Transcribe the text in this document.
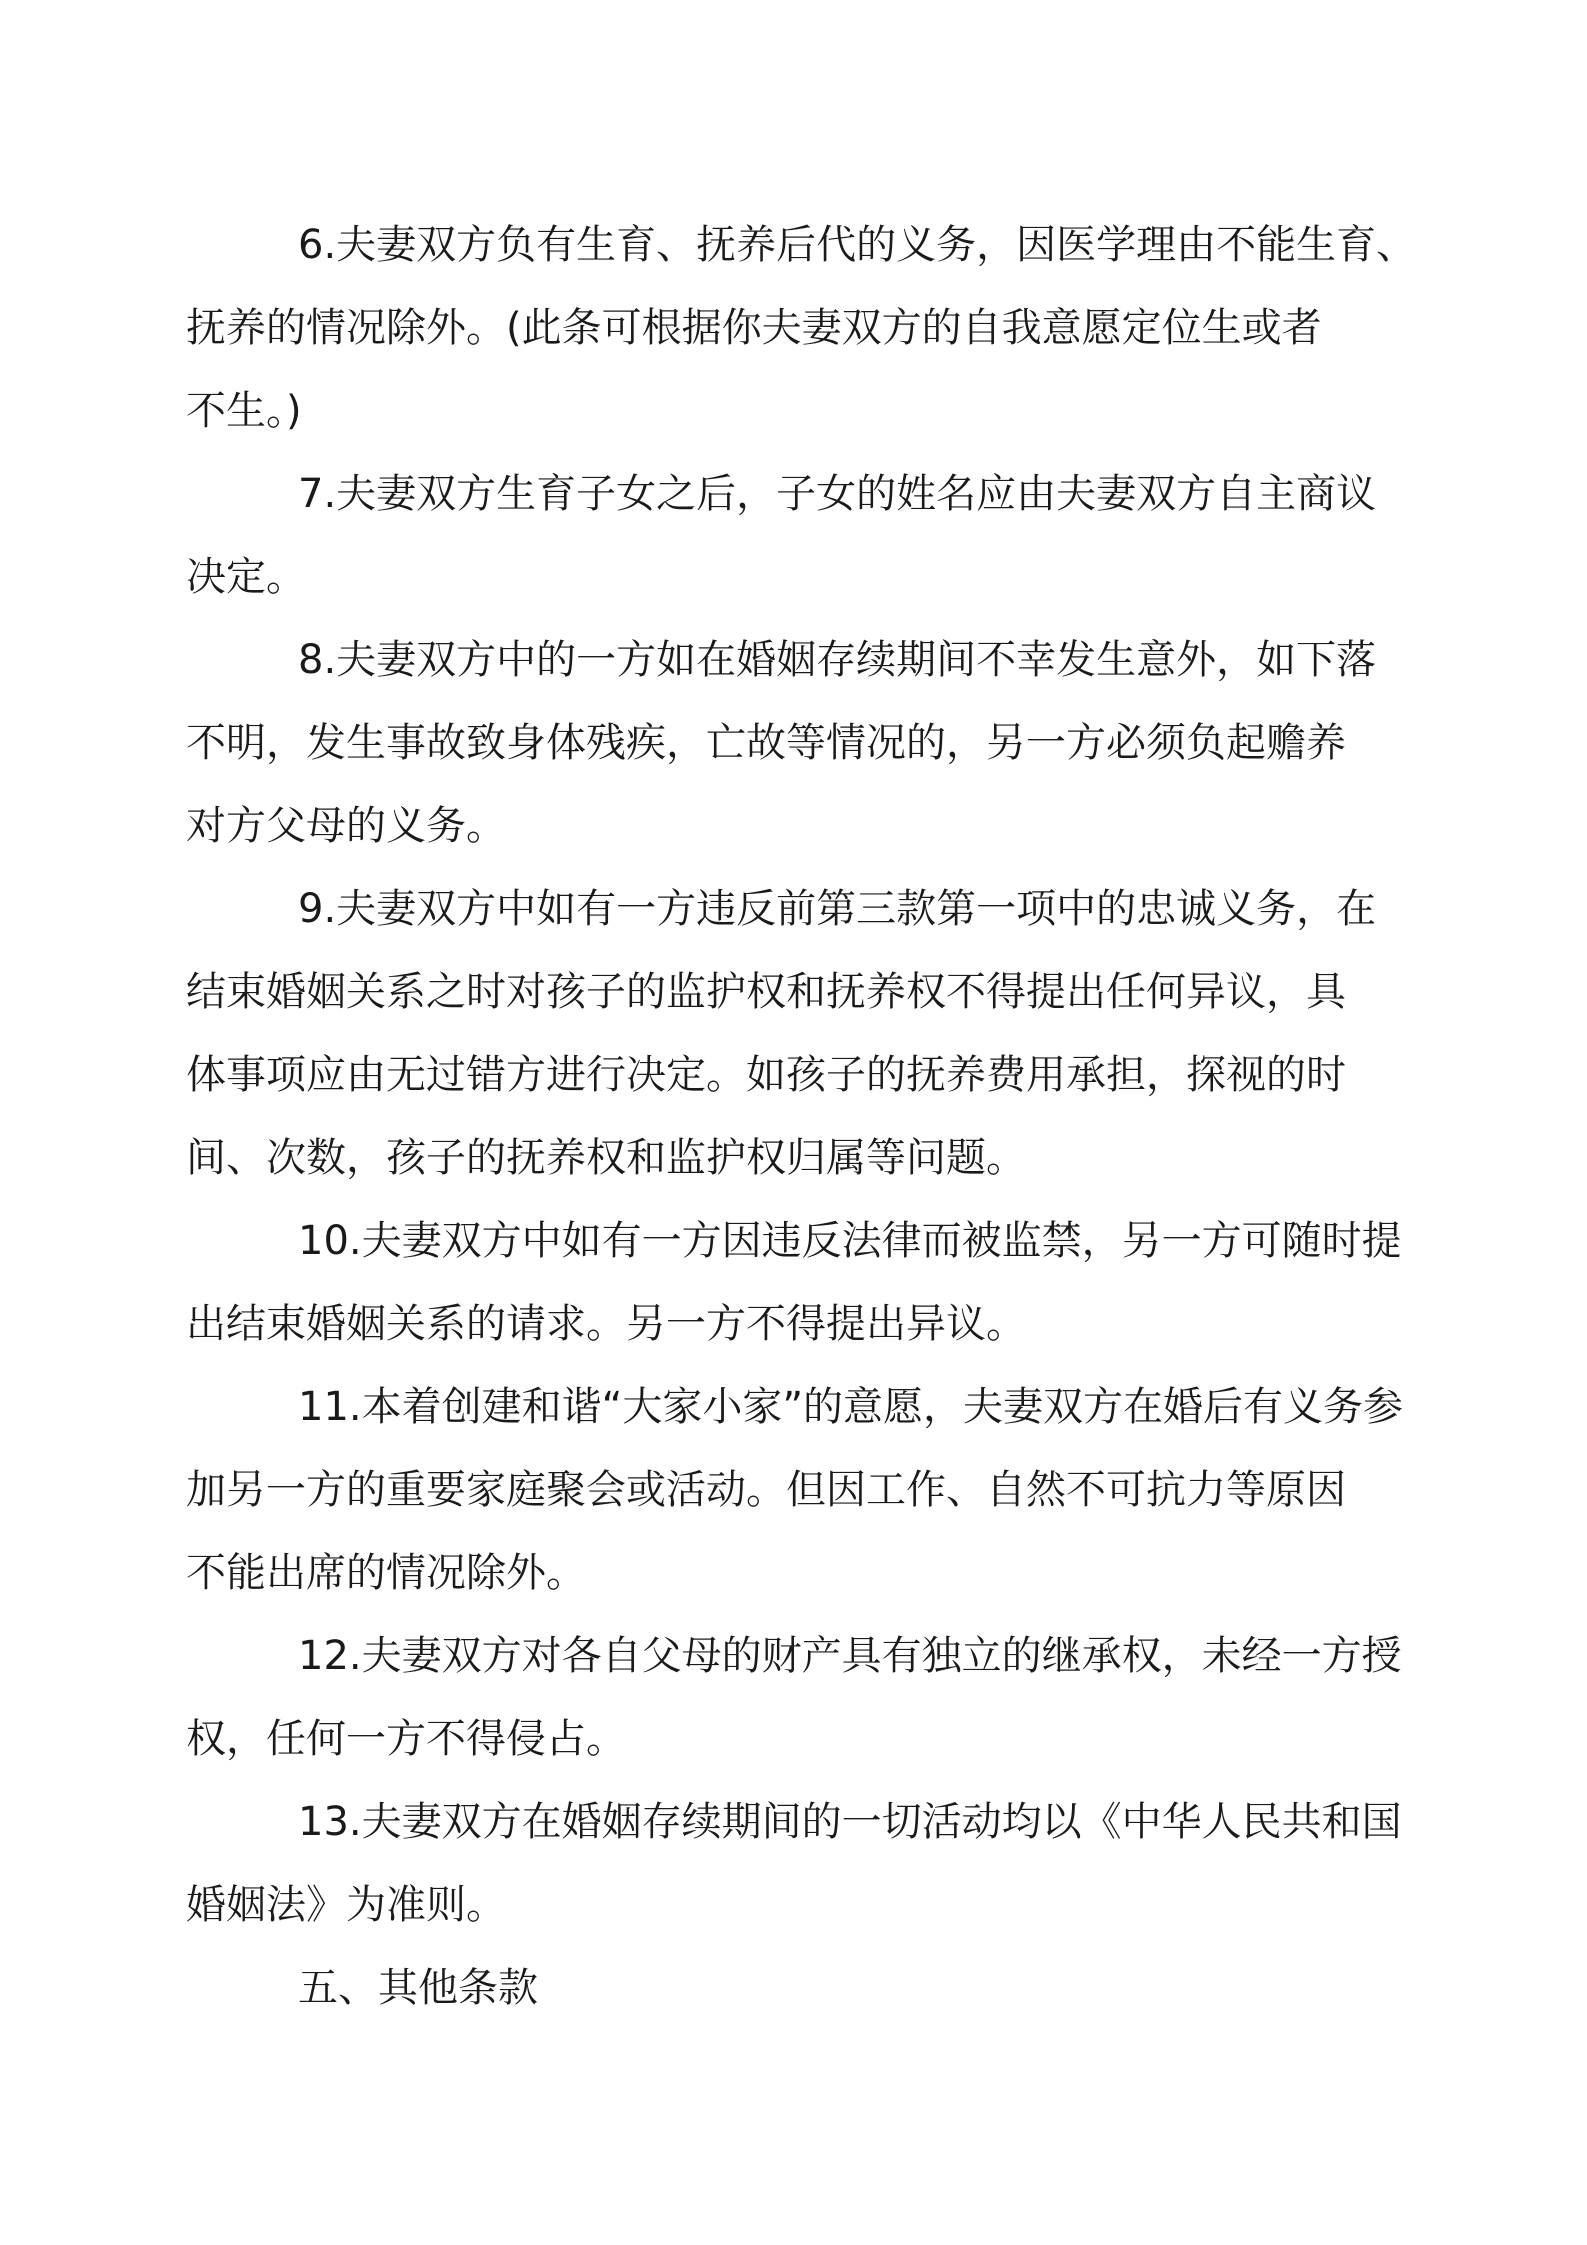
6.夫妻双方负有生育、抚养后代的义务，因医学理由不能生育、
抚养的情况除外。(此条可根据你夫妻双方的自我意愿定位生或者
不生。)

7.夫妻双方生育子女之后，子女的姓名应由夫妻双方自主商议
决定。

8.夫妻双方中的一方如在婚姻存续期间不幸发生意外，如下落
不明，发生事故致身体残疾，亡故等情况的，另一方必须负起赡养
对方父母的义务。

9.夫妻双方中如有一方违反前第三款第一项中的忠诚义务，在
结束婚姻关系之时对孩子的监护权和抚养权不得提出任何异议，具
体事项应由无过错方进行决定。如孩子的抚养费用承担，探视的时
间、次数，孩子的抚养权和监护权归属等问题。

10.夫妻双方中如有一方因违反法律而被监禁，另一方可随时提
出结束婚姻关系的请求。另一方不得提出异议。

11.本着创建和谐“大家小家”的意愿，夫妻双方在婚后有义务参
加另一方的重要家庭聚会或活动。但因工作、自然不可抗力等原因
不能出席的情况除外。

12.夫妻双方对各自父母的财产具有独立的继承权，未经一方授
权，任何一方不得侵占。

13.夫妻双方在婚姻存续期间的一切活动均以《中华人民共和国
婚姻法》为准则。

五、其他条款
